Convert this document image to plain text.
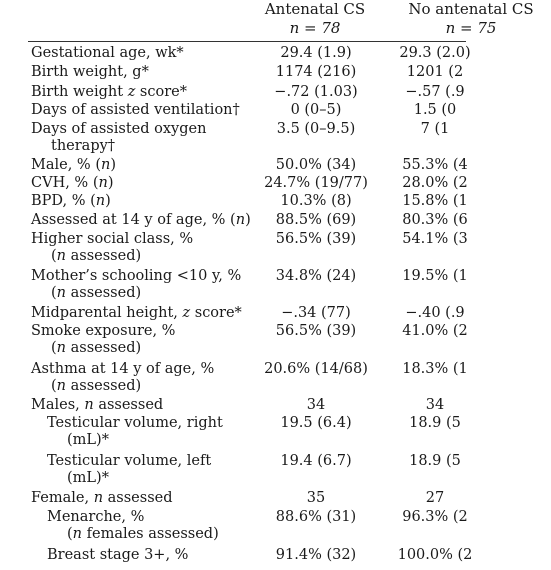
Antenatal CS
n = 78
No antenatal CS
n = 75
Gestational age, wk*	29.4 (1.9)	29.3 (2.0)
Birth weight, g*	1174 (216)	1201 (2
Birth weight z score*	−.72 (1.03)	−.57 (.9
Days of assisted ventilation†	0 (0–5)	1.5 (0
Days of assisted oxygen
therapy†
3.5 (0–9.5)	7 (1
Male, % (n)	50.0% (34)	55.3% (4
CVH, % (n)	24.7% (19/77) 28.0% (2
BPD, % (n)	10.3% (8)	15.8% (1
Assessed at 14 y of age, % (n) 88.5% (69)	80.3% (6
Higher social class, %
(n assessed)
56.5% (39)	54.1% (3
Mother’s schooling <10 y, %
(n assessed)
34.8% (24)	19.5% (1
Midparental height, z score*	−.34 (77)	−.40 (.9
Smoke exposure, %
(n assessed)
56.5% (39)	41.0% (2
Asthma at 14 y of age, %
(n assessed)
20.6% (14/68) 18.3% (1
Males, n assessed	34	34
Testicular volume, right
(mL)*
19.5 (6.4)	18.9 (5
Testicular volume, left
(mL)*
19.4 (6.7)	18.9 (5
Female, n assessed	35	27
Menarche, %
(n females assessed)
88.6% (31)	96.3% (2
Breast stage 3+, %	91.4% (32)	100.0% (2
